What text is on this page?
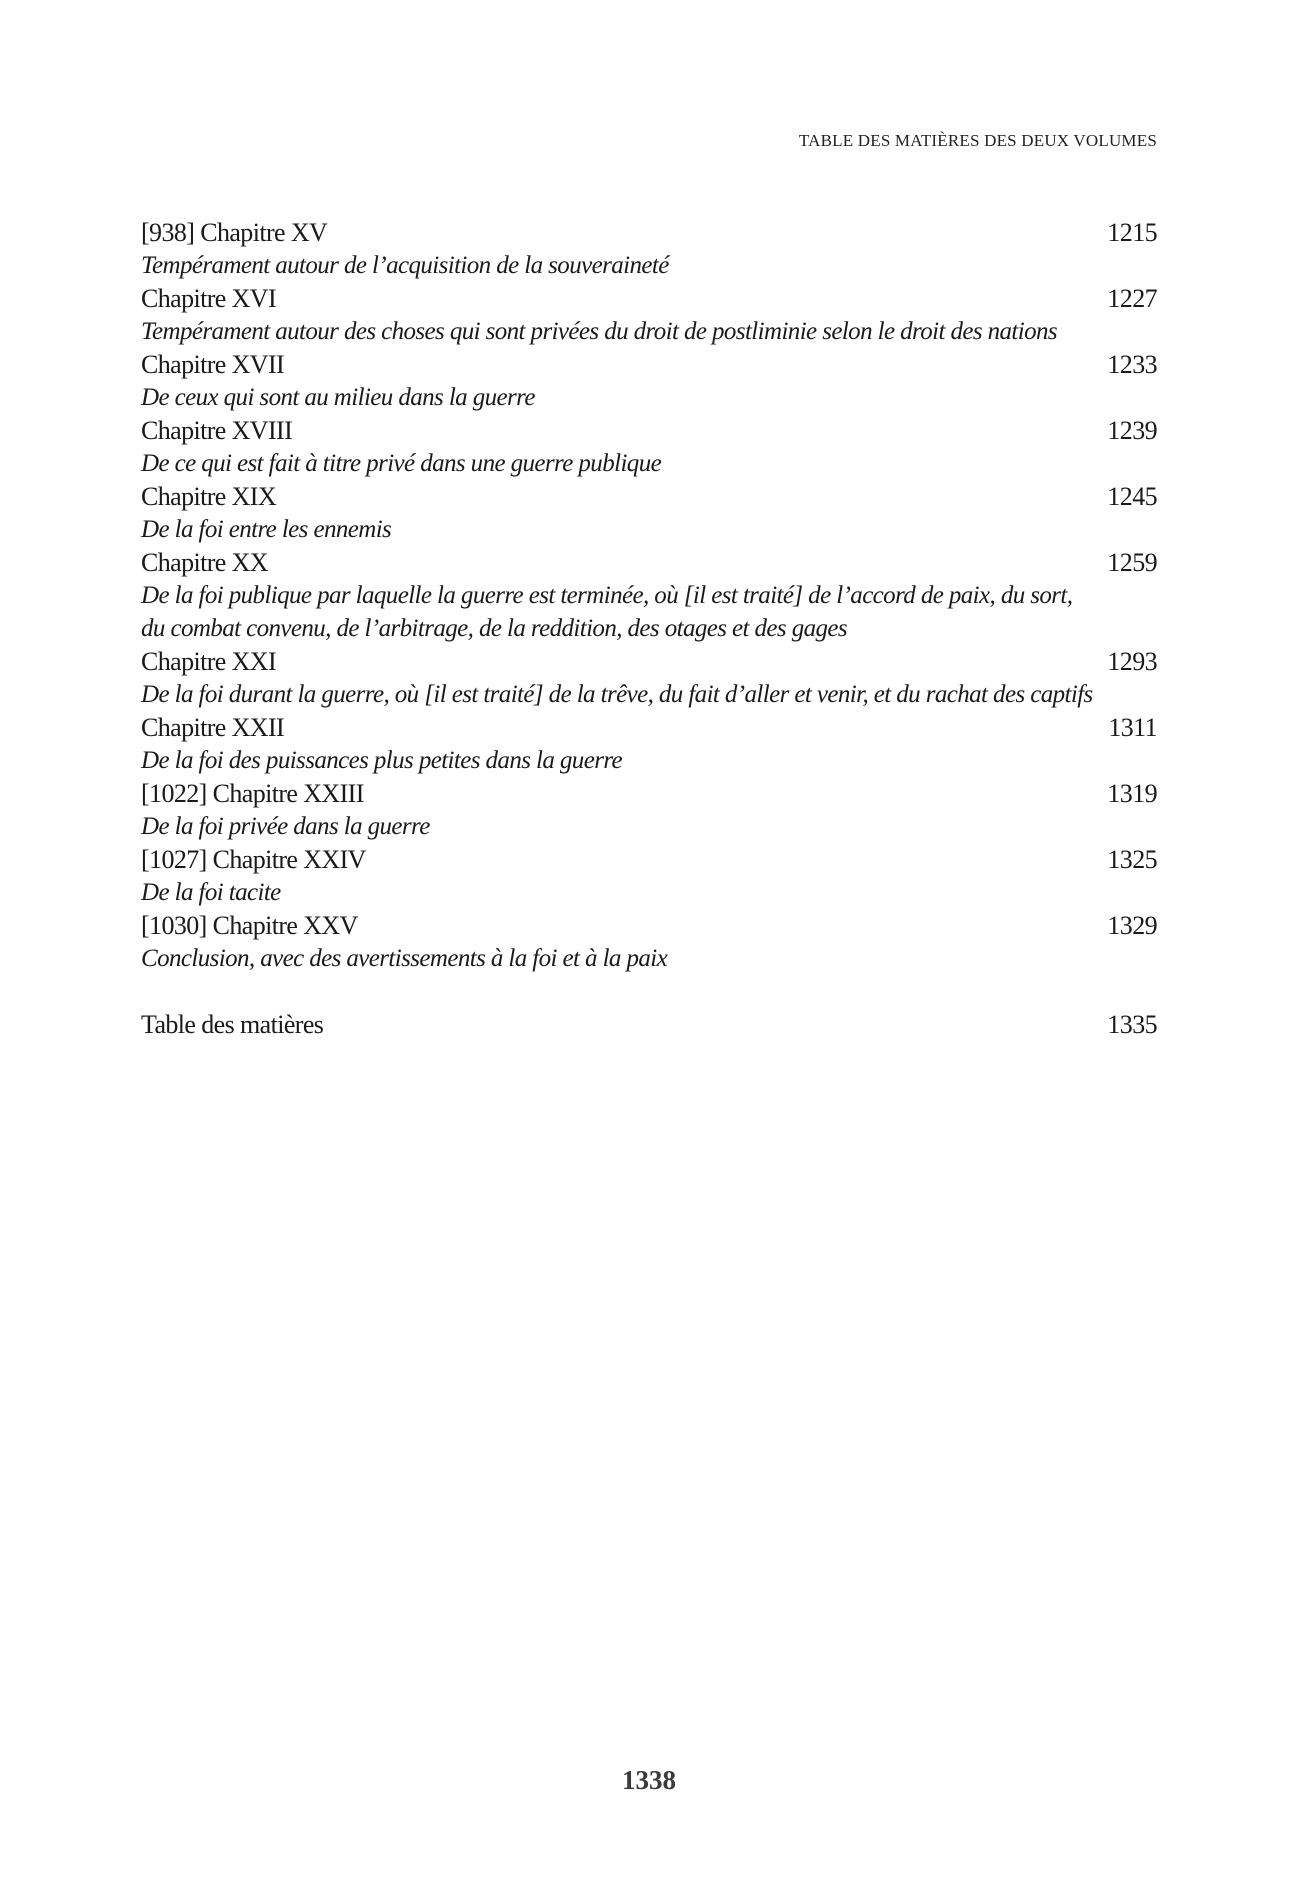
TABLE DES MATIÈRES DES DEUX VOLUMES
[938] Chapitre XV	1215
Tempérament autour de l’acquisition de la souveraineté
Chapitre XVI	1227
Tempérament autour des choses qui sont privées du droit de postliminie selon le droit des nations
Chapitre XVII	1233
De ceux qui sont au milieu dans la guerre
Chapitre XVIII	1239
De ce qui est fait à titre privé dans une guerre publique
Chapitre XIX	1245
De la foi entre les ennemis
Chapitre XX	1259
De la foi publique par laquelle la guerre est terminée, où [il est traité] de l’accord de paix, du sort, du combat convenu, de l’arbitrage, de la reddition, des otages et des gages
Chapitre XXI	1293
De la foi durant la guerre, où [il est traité] de la trêve, du fait d’aller et venir, et du rachat des captifs
Chapitre XXII	1311
De la foi des puissances plus petites dans la guerre
[1022] Chapitre XXIII	1319
De la foi privée dans la guerre
[1027] Chapitre XXIV	1325
De la foi tacite
[1030] Chapitre XXV	1329
Conclusion, avec des avertissements à la foi et à la paix
Table des matières	1335
1338
